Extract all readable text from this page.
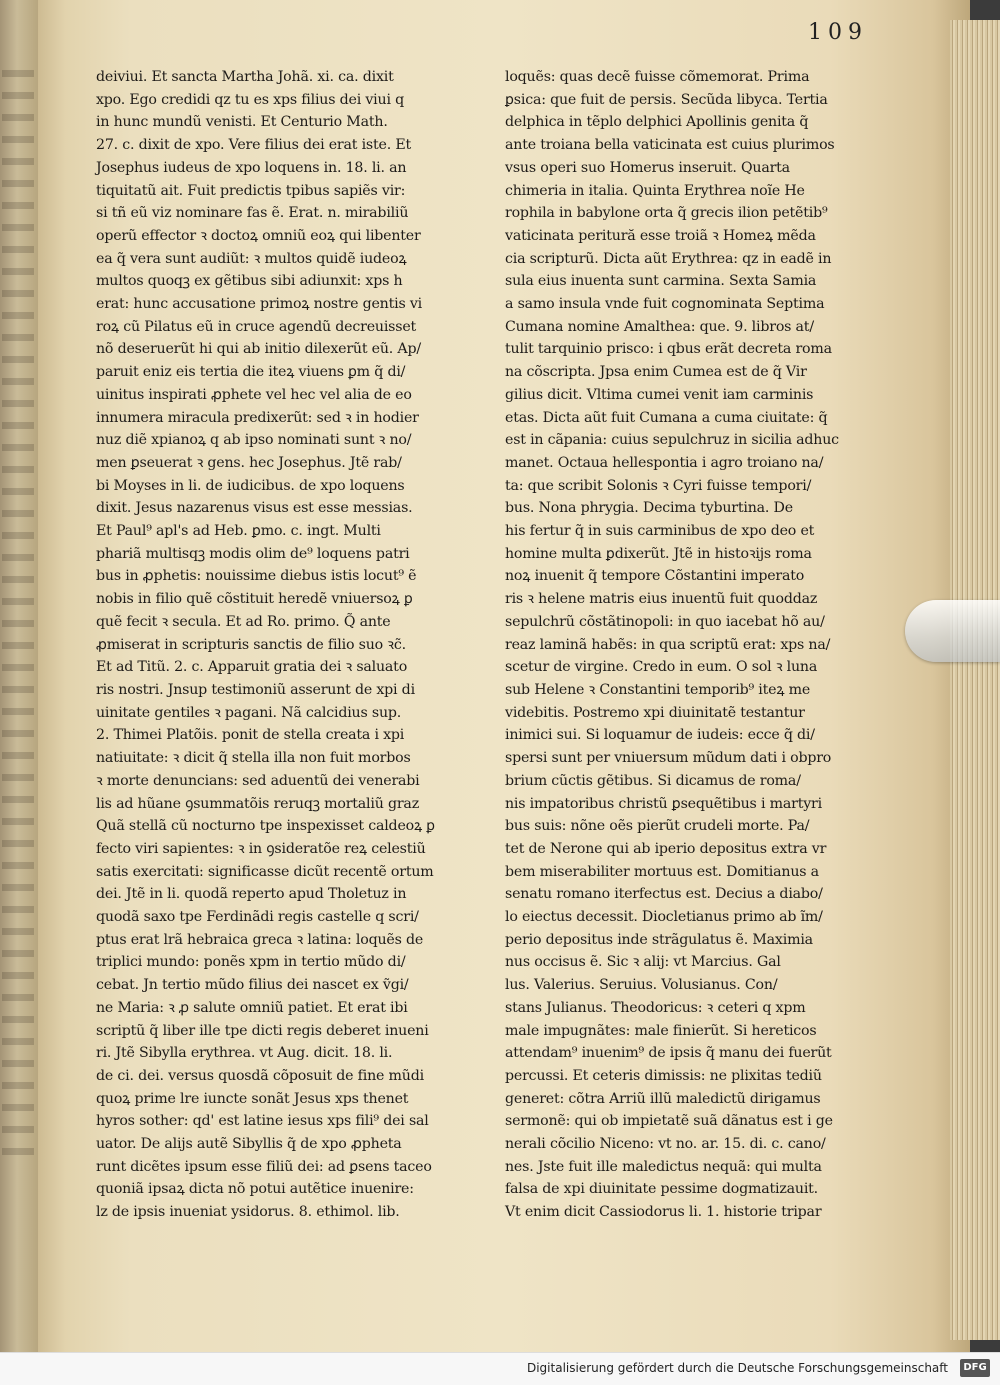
109
deiviui. Et sancta Martha Johã. xi. ca. dixit
xpo. Ego credidi qz tu es xps filius dei viui q
in hunc mundũ venisti. Et Centurio Math.
27. c. dixit de xpo. Vere filius dei erat iste. Et
Josephus iudeus de xpo loquens in. 18. li. an
tiquitatũ ait. Fuit predictis tpibus sapiẽs vir:
si tñ eũ viz nominare fas ẽ. Erat. n. mirabiliũ
operũ effector ꝛ doctoꝝ omniũ eoꝝ qui libenter
ea q̃ vera sunt audiũt: ꝛ multos quidẽ iudeoꝝ
multos quoqꝫ ex gẽtibus sibi adiunxit: xps h
erat: hunc accusatione primoꝝ nostre gentis vi
roꝝ cũ Pilatus eũ in cruce agendũ decreuisset
nõ deseruerũt hi qui ab initio dilexerũt eũ. Ap/
paruit eniz eis tertia die iteꝝ viuens ꝑm q̃ di/
uinitus inspirati ꝓphete vel hec vel alia de eo
innumera miracula predixerũt: sed ꝛ in hodier
nuz diẽ xpianoꝝ q ab ipso nominati sunt ꝛ no/
men ꝑseuerat ꝛ gens. hec Josephus. Jtẽ rab/
bi Moyses in li. de iudicibus. de xpo loquens
dixit. Jesus nazarenus visus est esse messias.
Et Paul⁹ apl's ad Heb. ꝑmo. c. ingt. Multi
phariã multisqꝫ modis olim de⁹ loquens patri
bus in ꝓphetis: nouissime diebus istis locut⁹ ẽ
nobis in filio quẽ cõstituit heredẽ vniuersoꝝ ꝑ
quẽ fecit ꝛ secula. Et ad Ro. primo. Q̃ ante
ꝓmiserat in scripturis sanctis de filio suo ꝛc̃.
Et ad Titũ. 2. c. Apparuit gratia dei ꝛ saluato
ris nostri. Jnsup testimoniũ asserunt de xpi di
uinitate gentiles ꝛ pagani. Nã calcidius sup.
2. Thimei Platõis. ponit de stella creata i xpi
natiuitate: ꝛ dicit q̃ stella illa non fuit morbos
ꝛ morte denuncians: sed aduentũ dei venerabi
lis ad hũane ꝯsummatõis reruqꝫ mortaliũ graz
Quã stellã cũ nocturno tpe inspexisset caldeoꝝ ꝑ
fecto viri sapientes: ꝛ in ꝯsideratõe reꝝ celestiũ
satis exercitati: significasse dicũt recentẽ ortum
dei. Jtẽ in li. quodã reperto apud Tholetuz in
quodã saxo tpe Ferdinãdi regis castelle q scri/
ptus erat lrã hebraica greca ꝛ latina: loquẽs de
triplici mundo: ponẽs xpm in tertio mũdo di/
cebat. Jn tertio mũdo filius dei nascet ex ṽgi/
ne Maria: ꝛ ꝓ salute omniũ patiet. Et erat ibi
scriptũ q̃ liber ille tpe dicti regis deberet inueni
ri. Jtẽ Sibylla erythrea. vt Aug. dicit. 18. li.
de ci. dei. versus quosdã cõposuit de fine mũdi
quoꝝ prime lre iuncte sonãt Jesus xps thenet
hyros sother: qd' est latine iesus xps fili⁹ dei sal
uator. De alijs autẽ Sibyllis q̃ de xpo ꝓpheta
runt dicẽtes ipsum esse filiũ dei: ad ꝑsens taceo
quoniã ipsaꝝ dicta nõ potui autẽtice inuenire:
lz de ipsis inueniat ysidorus. 8. ethimol. lib.
loquẽs: quas decẽ fuisse cõmemorat. Prima
ꝑsica: que fuit de persis. Secũda libyca. Tertia
delphica in tẽplo delphici Apollinis genita q̃
ante troiana bella vaticinata est cuius plurimos
vsus operi suo Homerus inseruit. Quarta
chimeria in italia. Quinta Erythrea noĩe He
rophila in babylone orta q̃ grecis ilion petẽtib⁹
vaticinata peritură esse troiã ꝛ Homeꝝ mẽda
cia scripturũ. Dicta aũt Erythrea: qz in eadẽ in
sula eius inuenta sunt carmina. Sexta Samia
a samo insula vnde fuit cognominata Septima
Cumana nomine Amalthea: que. 9. libros at/
tulit tarquinio prisco: i qbus erãt decreta roma
na cõscripta. Jpsa enim Cumea est de q̃ Vir
gilius dicit. Vltima cumei venit iam carminis
etas. Dicta aũt fuit Cumana a cuma ciuitate: q̃
est in cãpania: cuius sepulchruz in sicilia adhuc
manet. Octaua hellespontia i agro troiano na/
ta: que scribit Solonis ꝛ Cyri fuisse tempori/
bus. Nona phrygia. Decima tyburtina. De
his fertur q̃ in suis carminibus de xpo deo et
homine multa ꝑdixerũt. Jtẽ in histoꝛijs roma
noꝝ inuenit q̃ tempore Cõstantini imperato
ris ꝛ helene matris eius inuentũ fuit quoddaz
sepulchrũ cõstãtinopoli: in quo iacebat hõ au/
reaz laminã habẽs: in qua scriptũ erat: xps na/
scetur de virgine. Credo in eum. O sol ꝛ luna
sub Helene ꝛ Constantini temporib⁹ iteꝝ me
videbitis. Postremo xpi diuinitatẽ testantur
inimici sui. Si loquamur de iudeis: ecce q̃ di/
spersi sunt per vniuersum mũdum dati i obpro
brium cũctis gẽtibus. Si dicamus de roma/
nis impatoribus christũ ꝑsequẽtibus i martyri
bus suis: nõne oẽs pierũt crudeli morte. Pa/
tet de Nerone qui ab iperio depositus extra vr
bem miserabiliter mortuus est. Domitianus a
senatu romano iterfectus est. Decius a diabo/
lo eiectus decessit. Diocletianus primo ab ĩm/
perio depositus inde strãgulatus ẽ. Maximia
nus occisus ẽ. Sic ꝛ alij: vt Marcius. Gal
lus. Valerius. Seruius. Volusianus. Con/
stans Julianus. Theodoricus: ꝛ ceteri q xpm
male impugnãtes: male finierũt. Si hereticos
attendam⁹ inuenim⁹ de ipsis q̃ manu dei fuerũt
percussi. Et ceteris dimissis: ne plixitas tediũ
generet: cõtra Arriũ illũ maledictũ dirigamus
sermonẽ: qui ob impietatẽ suã dãnatus est i ge
nerali cõcilio Niceno: vt no. ar. 15. di. c. cano/
nes. Jste fuit ille maledictus nequã: qui multa
falsa de xpi diuinitate pessime dogmatizauit.
Vt enim dicit Cassiodorus li. 1. historie tripar
Digitalisierung gefördert durch die Deutsche Forschungsgemeinschaft	DFG
